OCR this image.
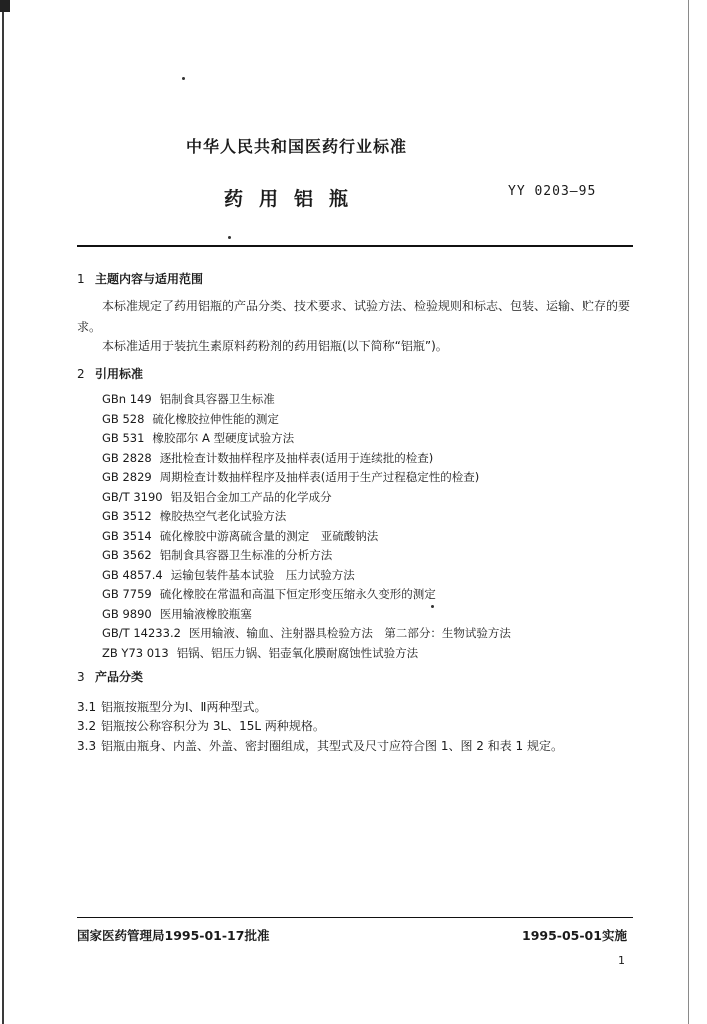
中华人民共和国医药行业标准
药用铝瓶	YY 0203—95
1 主题内容与适用范围
本标准规定了药用铝瓶的产品分类、技术要求、试验方法、检验规则和标志、包装、运输、贮存的要
求。
本标准适用于装抗生素原料药粉剂的药用铝瓶(以下简称“铝瓶”)。
2 引用标准
GBn 149 铝制食具容器卫生标准
GB 528 硫化橡胶拉伸性能的测定
GB 531 橡胶邵尔 A 型硬度试验方法
GB 2828 逐批检查计数抽样程序及抽样表(适用于连续批的检查)
GB 2829 周期检查计数抽样程序及抽样表(适用于生产过程稳定性的检查)
GB/T 3190 铝及铝合金加工产品的化学成分
GB 3512 橡胶热空气老化试验方法
GB 3514 硫化橡胶中游离硫含量的测定　亚硫酸钠法
GB 3562 铝制食具容器卫生标准的分析方法
GB 4857.4 运输包装件基本试验　压力试验方法
GB 7759 硫化橡胶在常温和高温下恒定形变压缩永久变形的测定
GB 9890 医用输液橡胶瓶塞
GB/T 14233.2 医用输液、输血、注射器具检验方法　第二部分：生物试验方法
ZB Y73 013 铝锅、铝压力锅、铝壶氧化膜耐腐蚀性试验方法
3 产品分类
3.1 铝瓶按瓶型分为Ⅰ、Ⅱ两种型式。
3.2 铝瓶按公称容积分为 3L、15L 两种规格。
3.3 铝瓶由瓶身、内盖、外盖、密封圈组成，其型式及尺寸应符合图 1、图 2 和表 1 规定。
国家医药管理局1995-01-17批准	1995-05-01实施
1
